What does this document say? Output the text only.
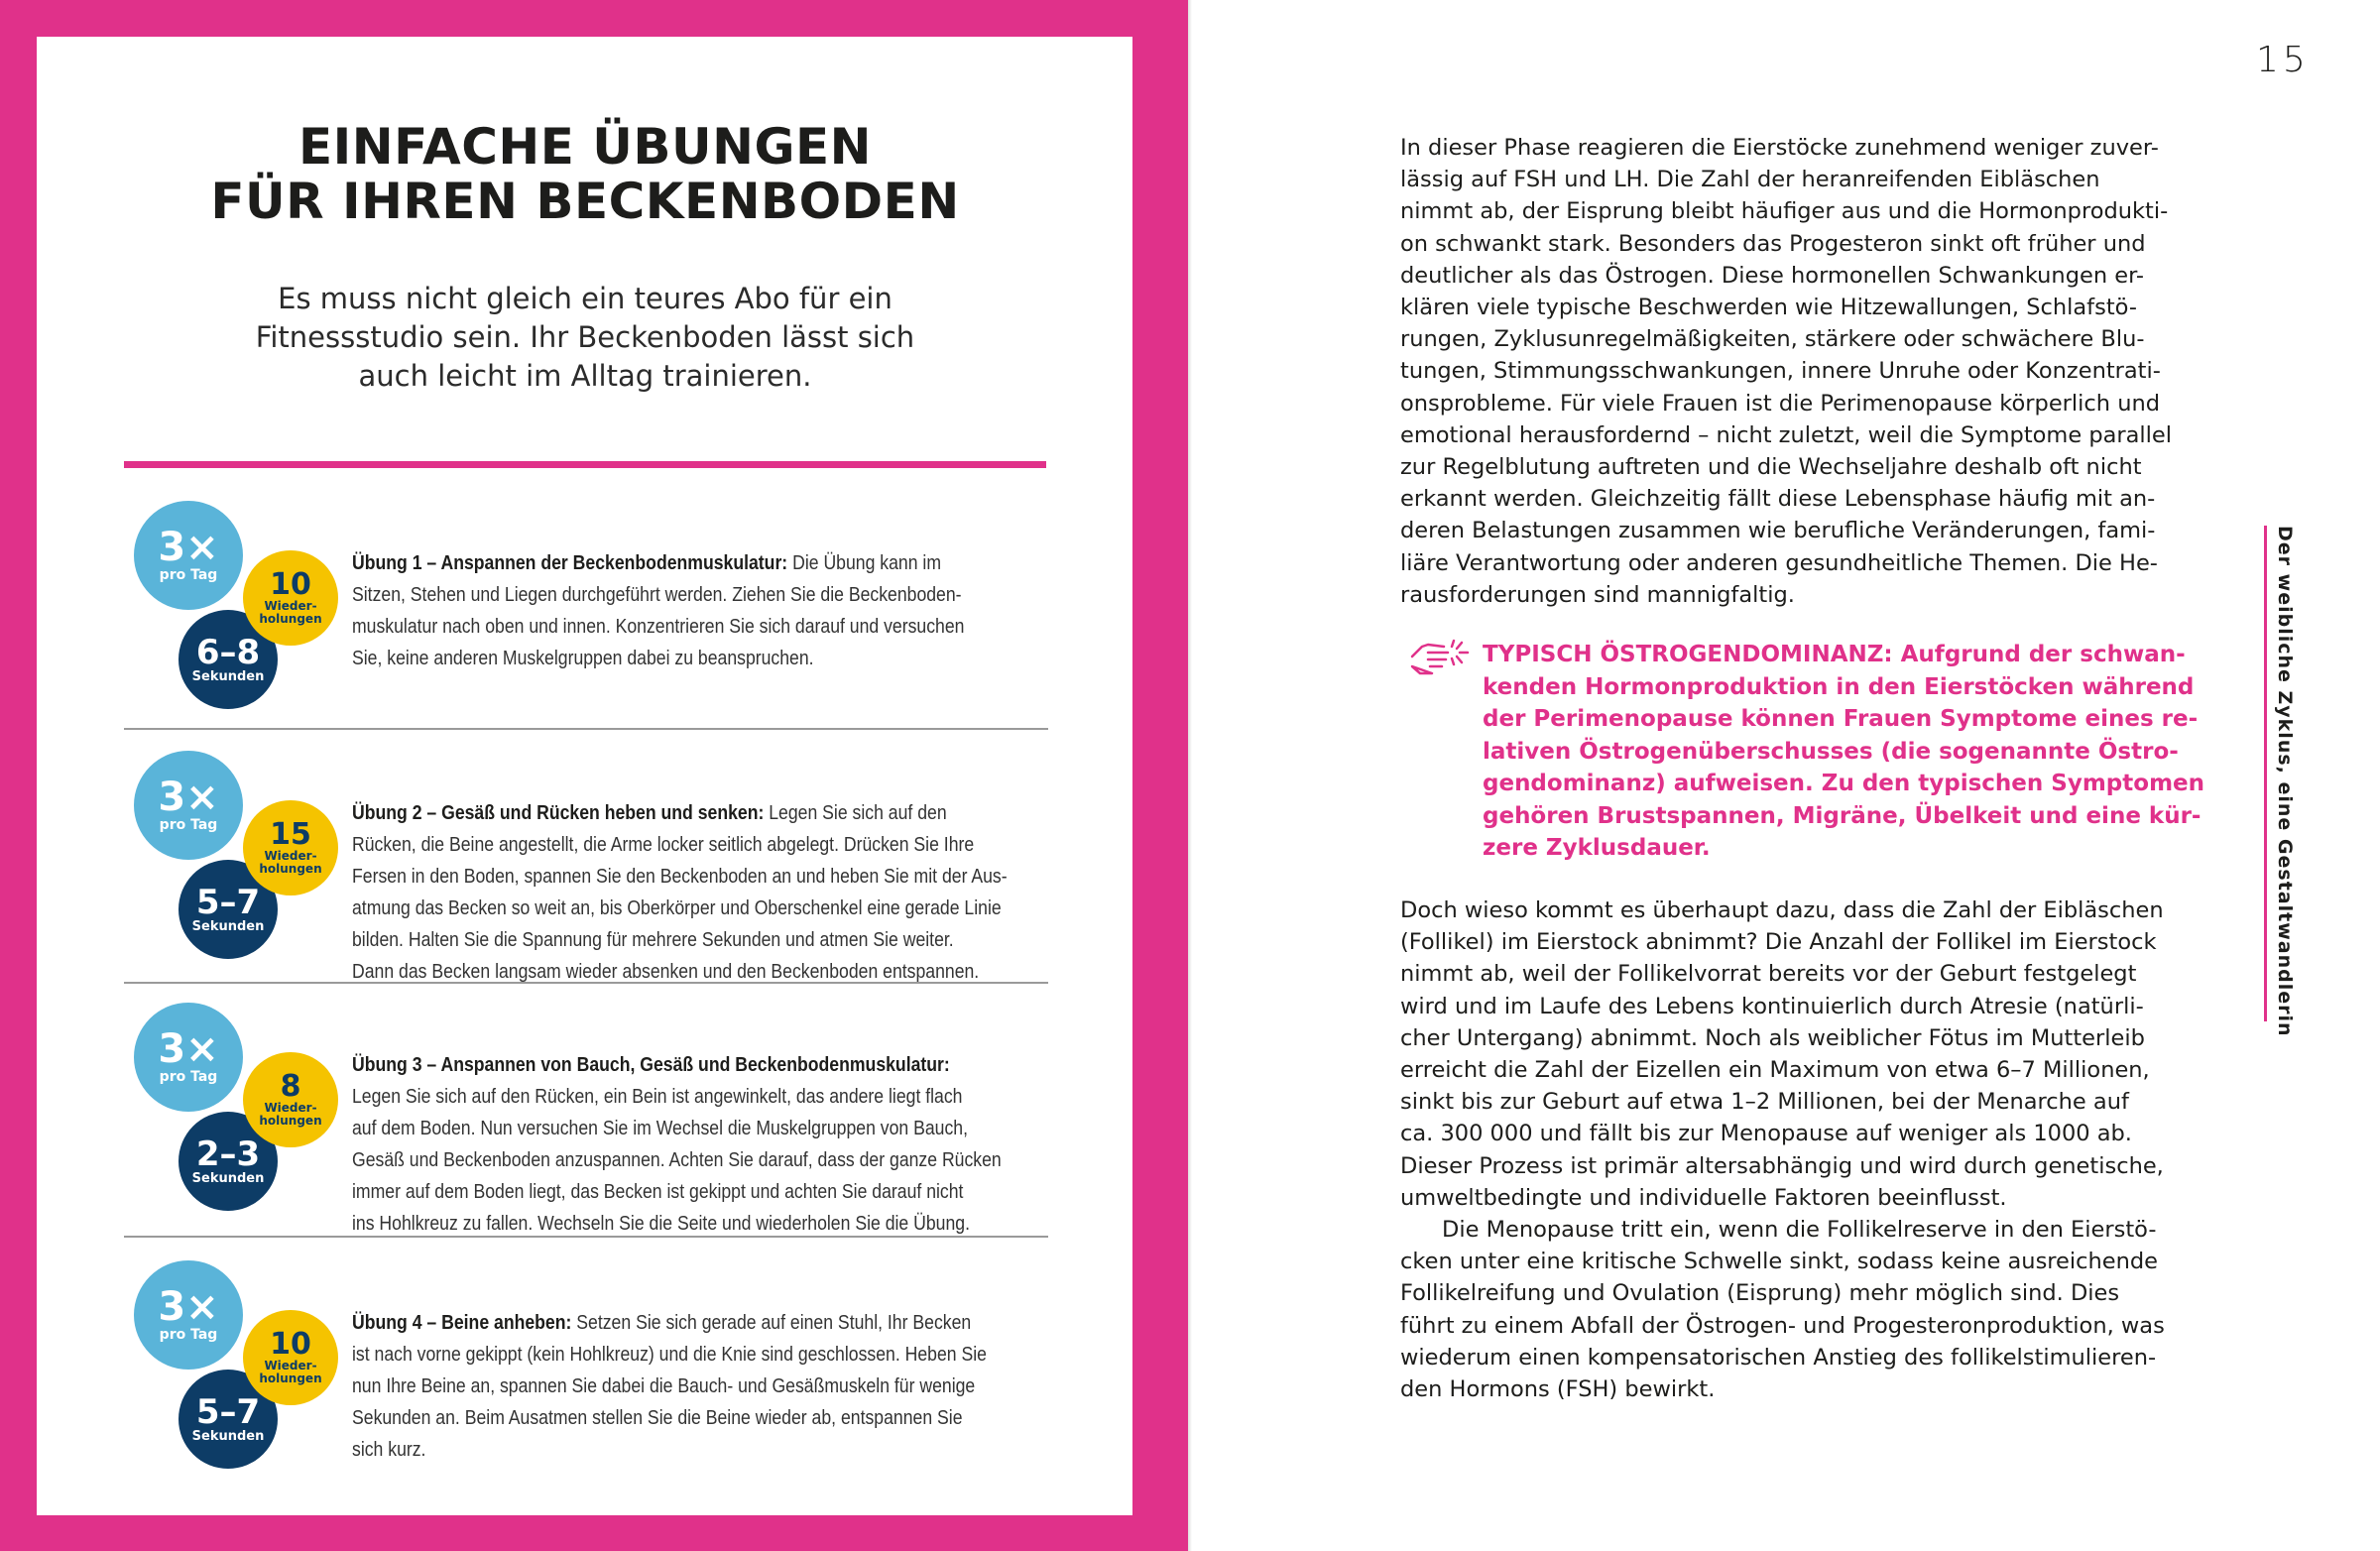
EINFACHE ÜBUNGEN
FÜR IHREN BECKENBODEN
Es muss nicht gleich ein teures Abo für ein
Fitnessstudio sein. Ihr Beckenboden lässt sich
auch leicht im Alltag trainieren.
3×
pro Tag
6–8
Sekunden
10
Wieder-
holungen
Übung 1 – Anspannen der Beckenbodenmuskulatur: Die Übung kann im
Sitzen, Stehen und Liegen durchgeführt werden. Ziehen Sie die Beckenboden-
muskulatur nach oben und innen. Konzentrieren Sie sich darauf und versuchen
Sie, keine anderen Muskelgruppen dabei zu beanspruchen.
3×
pro Tag
5–7
Sekunden
15
Wieder-
holungen
Übung 2 – Gesäß und Rücken heben und senken: Legen Sie sich auf den
Rücken, die Beine angestellt, die Arme locker seitlich abgelegt. Drücken Sie Ihre
Fersen in den Boden, spannen Sie den Beckenboden an und heben Sie mit der Aus-
atmung das Becken so weit an, bis Oberkörper und Oberschenkel eine gerade Linie
bilden. Halten Sie die Spannung für mehrere Sekunden und atmen Sie weiter.
Dann das Becken langsam wieder absenken und den Beckenboden entspannen.
3×
pro Tag
2–3
Sekunden
8
Wieder-
holungen
Übung 3 – Anspannen von Bauch, Gesäß und Beckenbodenmuskulatur:
Legen Sie sich auf den Rücken, ein Bein ist angewinkelt, das andere liegt flach
auf dem Boden. Nun versuchen Sie im Wechsel die Muskelgruppen von Bauch,
Gesäß und Beckenboden anzuspannen. Achten Sie darauf, dass der ganze Rücken
immer auf dem Boden liegt, das Becken ist gekippt und achten Sie darauf nicht
ins Hohlkreuz zu fallen. Wechseln Sie die Seite und wiederholen Sie die Übung.
3×
pro Tag
5–7
Sekunden
10
Wieder-
holungen
Übung 4 – Beine anheben: Setzen Sie sich gerade auf einen Stuhl, Ihr Becken
ist nach vorne gekippt (kein Hohlkreuz) und die Knie sind geschlossen. Heben Sie
nun Ihre Beine an, spannen Sie dabei die Bauch- und Gesäßmuskeln für wenige
Sekunden an. Beim Ausatmen stellen Sie die Beine wieder ab, entspannen Sie
sich kurz.
15
Der weibliche Zyklus, eine Gestaltwandlerin
In dieser Phase reagieren die Eierstöcke zunehmend weniger zuver-
lässig auf FSH und LH. Die Zahl der heranreifenden Eibläschen
nimmt ab, der Eisprung bleibt häufiger aus und die Hormonprodukti-
on schwankt stark. Besonders das Progesteron sinkt oft früher und
deutlicher als das Östrogen. Diese hormonellen Schwankungen er-
klären viele typische Beschwerden wie Hitzewallungen, Schlafstö-
rungen, Zyklusunregelmäßigkeiten, stärkere oder schwächere Blu-
tungen, Stimmungsschwankungen, innere Unruhe oder Konzentrati-
onsprobleme. Für viele Frauen ist die Perimenopause körperlich und
emotional herausfordernd – nicht zuletzt, weil die Symptome parallel
zur Regelblutung auftreten und die Wechseljahre deshalb oft nicht
erkannt werden. Gleichzeitig fällt diese Lebensphase häufig mit an-
deren Belastungen zusammen wie berufliche Veränderungen, fami-
liäre Verantwortung oder anderen gesundheitliche Themen. Die He-
rausforderungen sind mannigfaltig.
TYPISCH ÖSTROGENDOMINANZ: Aufgrund der schwan-
kenden Hormonproduktion in den Eierstöcken während
der Perimenopause können Frauen Symptome eines re-
lativen Östrogenüberschusses (die sogenannte Östro-
gendominanz) aufweisen. Zu den typischen Symptomen
gehören Brustspannen, Migräne, Übelkeit und eine kür-
zere Zyklusdauer.
Doch wieso kommt es überhaupt dazu, dass die Zahl der Eibläschen
(Follikel) im Eierstock abnimmt? Die Anzahl der Follikel im Eierstock
nimmt ab, weil der Follikelvorrat bereits vor der Geburt festgelegt
wird und im Laufe des Lebens kontinuierlich durch Atresie (natürli-
cher Untergang) abnimmt. Noch als weiblicher Fötus im Mutterleib
erreicht die Zahl der Eizellen ein Maximum von etwa 6–7 Millionen,
sinkt bis zur Geburt auf etwa 1–2 Millionen, bei der Menarche auf
ca. 300 000 und fällt bis zur Menopause auf weniger als 1000 ab.
Dieser Prozess ist primär altersabhängig und wird durch genetische,
umweltbedingte und individuelle Faktoren beeinflusst.
Die Menopause tritt ein, wenn die Follikelreserve in den Eierstö-
cken unter eine kritische Schwelle sinkt, sodass keine ausreichende
Follikelreifung und Ovulation (Eisprung) mehr möglich sind. Dies
führt zu einem Abfall der Östrogen- und Progesteronproduktion, was
wiederum einen kompensatorischen Anstieg des follikelstimulieren-
den Hormons (FSH) bewirkt.
